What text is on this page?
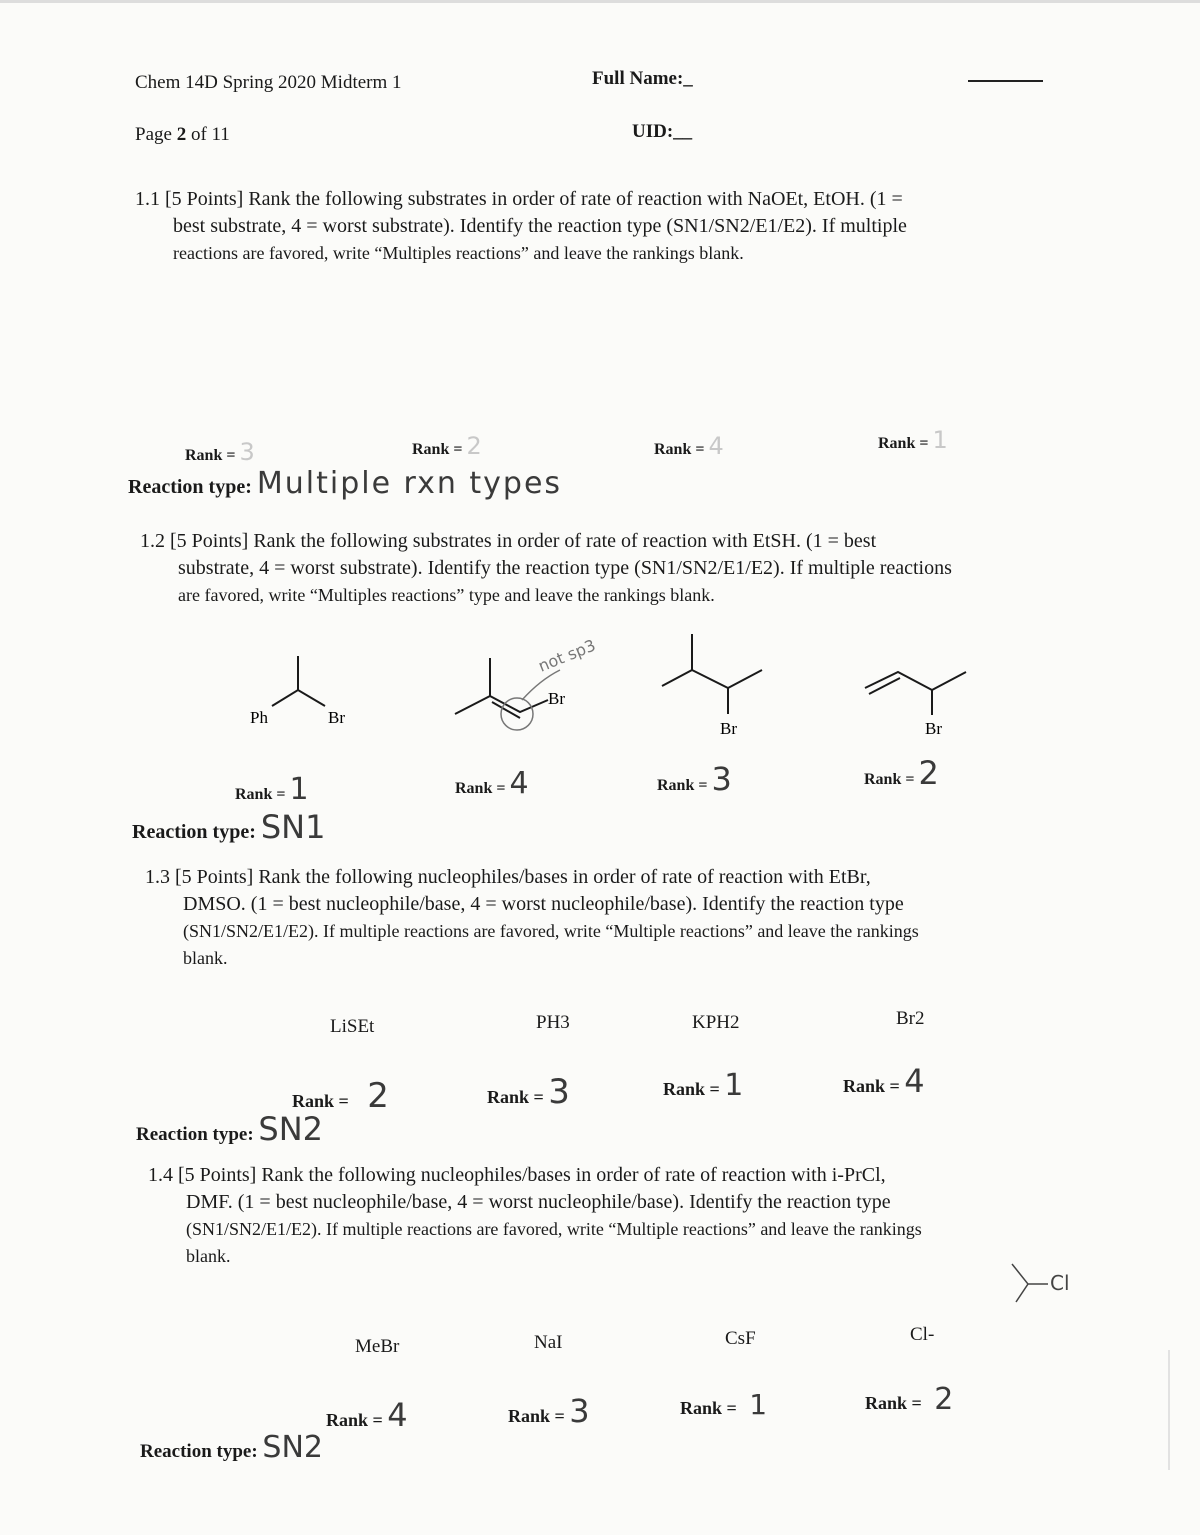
Chem 14D Spring 2020 Midterm 1
Page 2 of 11
Full Name:_
UID:__
1.1 [5 Points] Rank the following substrates in order of rate of reaction with NaOEt, EtOH. (1 =
best substrate, 4 = worst substrate). Identify the reaction type (SN1/SN2/E1/E2). If multiple
reactions are favored, write “Multiples reactions” and leave the rankings blank.
Rank = 3	Rank = 2	Rank = 4	Rank = 1
Reaction type: Multiple rxn types
1.2 [5 Points] Rank the following substrates in order of rate of reaction with EtSH. (1 = best
substrate, 4 = worst substrate). Identify the reaction type (SN1/SN2/E1/E2). If multiple reactions
are favored, write “Multiples reactions” type and leave the rankings blank.
Ph	Br
Br
Br	Br
not sp3
Rank = 1	Rank = 4	Rank = 3	Rank = 2
Reaction type: SN1
1.3 [5 Points] Rank the following nucleophiles/bases in order of rate of reaction with EtBr,
DMSO. (1 = best nucleophile/base, 4 = worst nucleophile/base). Identify the reaction type
(SN1/SN2/E1/E2). If multiple reactions are favored, write “Multiple reactions” and leave the rankings
blank.
LiSEt	PH3	KPH2	Br2
Rank = 2	Rank = 3	Rank = 1	Rank = 4
Reaction type: SN2
1.4 [5 Points] Rank the following nucleophiles/bases in order of rate of reaction with i-PrCl,
DMF. (1 = best nucleophile/base, 4 = worst nucleophile/base). Identify the reaction type
(SN1/SN2/E1/E2). If multiple reactions are favored, write “Multiple reactions” and leave the rankings
blank.
Cl
MeBr	NaI	CsF	Cl-
Rank = 4	Rank = 3	Rank = 1	Rank = 2
Reaction type: SN2
